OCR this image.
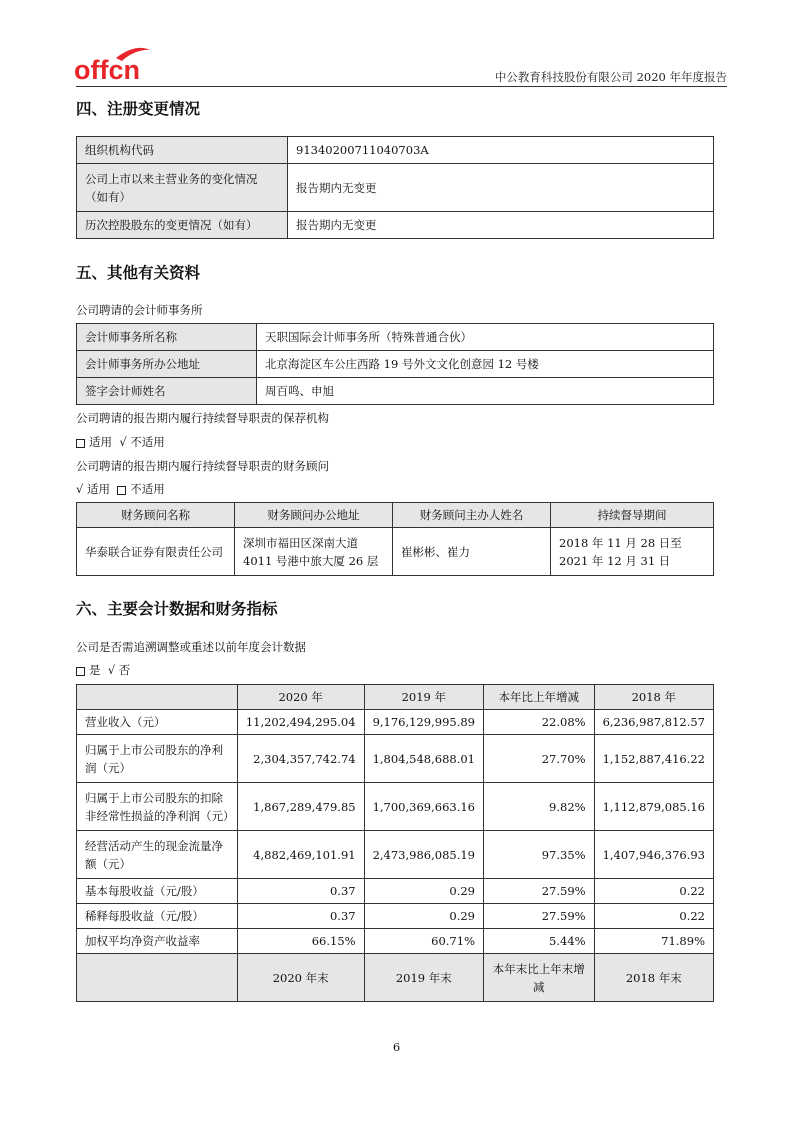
offcn	中公教育科技股份有限公司 2020 年年度报告
四、注册变更情况
组织机构代码	91340200711040703A
公司上市以来主营业务的变化情况（如有）	报告期内无变更
历次控股股东的变更情况（如有）	报告期内无变更
五、其他有关资料
公司聘请的会计师事务所
会计师事务所名称	天职国际会计师事务所（特殊普通合伙）
会计师事务所办公地址	北京海淀区车公庄西路 19 号外文文化创意园 12 号楼
签字会计师姓名	周百鸣、申旭
公司聘请的报告期内履行持续督导职责的保荐机构
适用 √ 不适用
公司聘请的报告期内履行持续督导职责的财务顾问
√ 适用 不适用
财务顾问名称	财务顾问办公地址	财务顾问主办人姓名	持续督导期间
华泰联合证券有限责任公司	深圳市福田区深南大道 4011 号港中旅大厦 26 层	崔彬彬、崔力	2018 年 11 月 28 日至 2021 年 12 月 31 日
六、主要会计数据和财务指标
公司是否需追溯调整或重述以前年度会计数据
是 √ 否
	2020 年	2019 年	本年比上年增减	2018 年
营业收入（元）	11,202,494,295.04	9,176,129,995.89	22.08%	6,236,987,812.57
归属于上市公司股东的净利润（元）	2,304,357,742.74	1,804,548,688.01	27.70%	1,152,887,416.22
归属于上市公司股东的扣除非经常性损益的净利润（元）	1,867,289,479.85	1,700,369,663.16	9.82%	1,112,879,085.16
经营活动产生的现金流量净额（元）	4,882,469,101.91	2,473,986,085.19	97.35%	1,407,946,376.93
基本每股收益（元/股）	0.37	0.29	27.59%	0.22
稀释每股收益（元/股）	0.37	0.29	27.59%	0.22
加权平均净资产收益率	66.15%	60.71%	5.44%	71.89%
	2020 年末	2019 年末	本年末比上年末增减	2018 年末
6
